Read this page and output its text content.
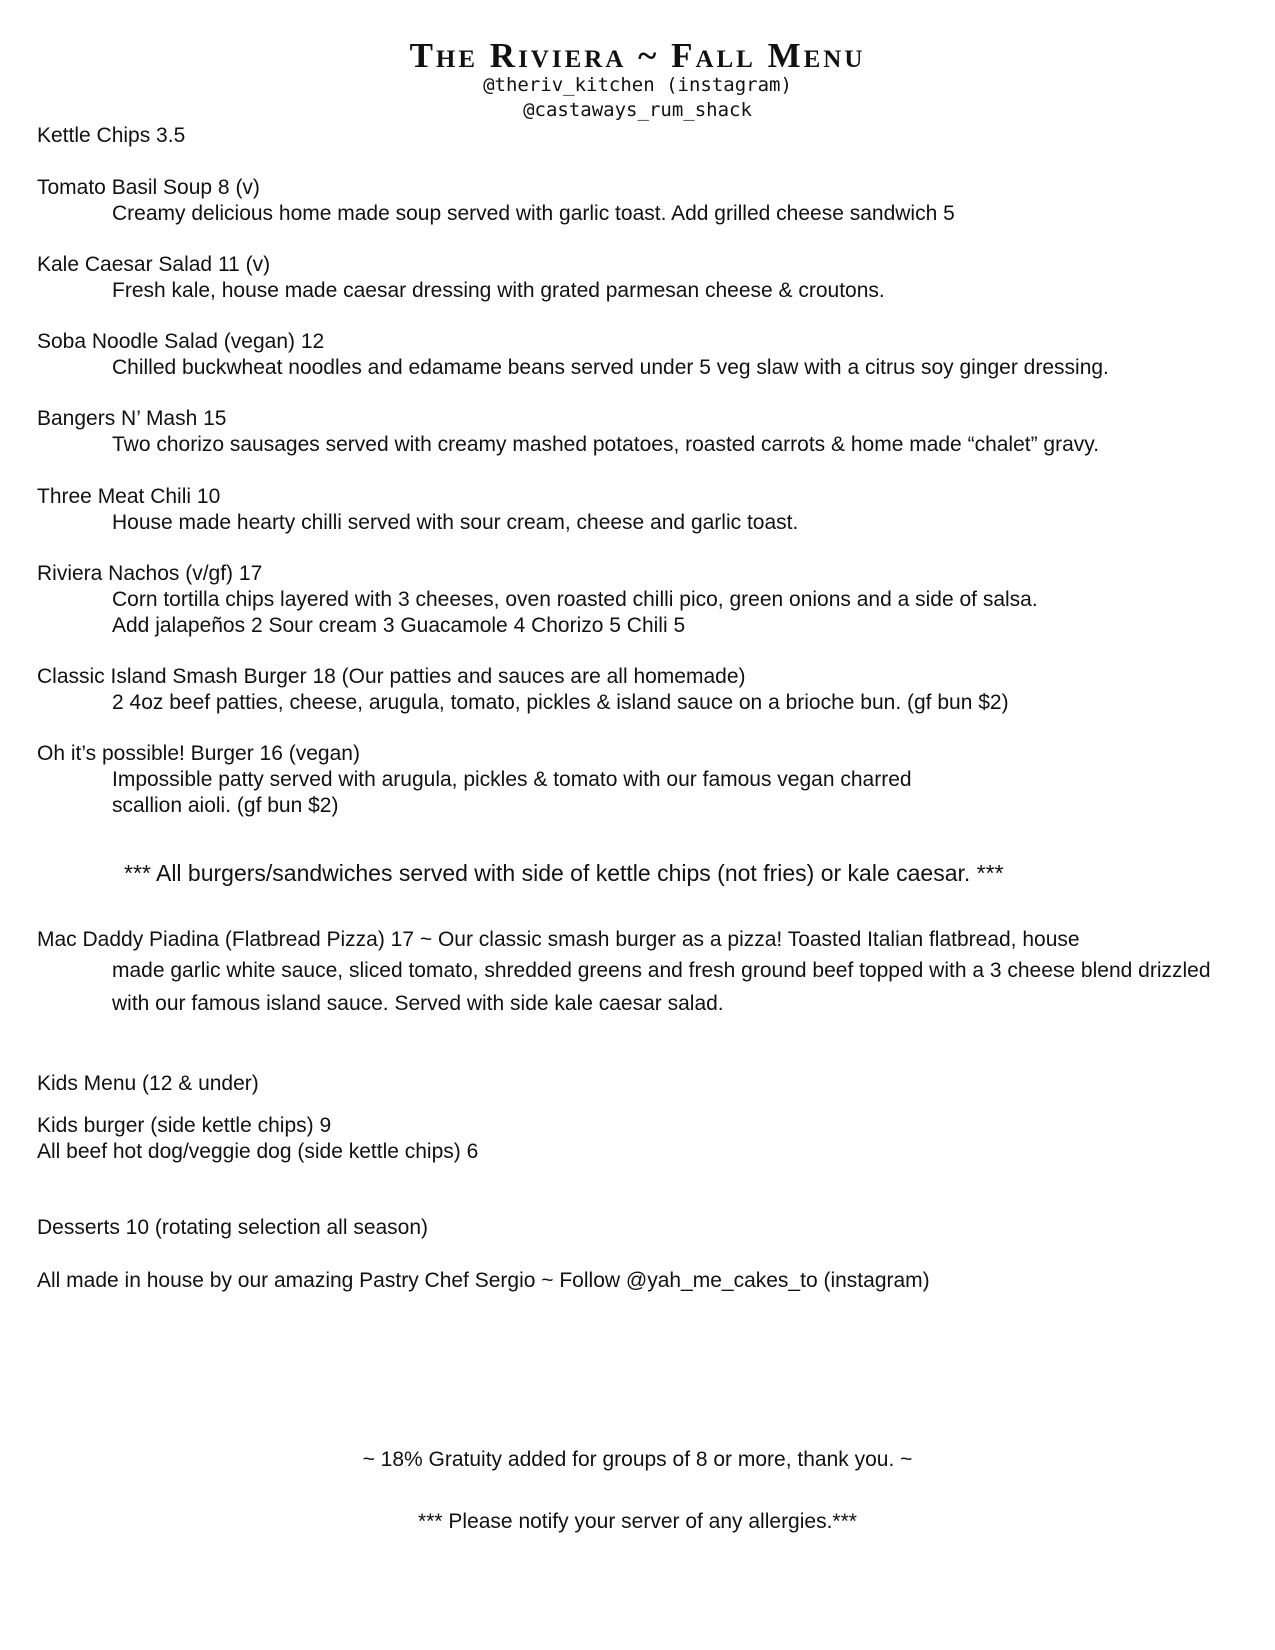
The Riviera ~ Fall Menu
@theriv_kitchen (instagram)
@castaways_rum_shack
Kettle Chips 3.5
Tomato Basil Soup 8 (v)
Creamy delicious home made soup served with garlic toast. Add grilled cheese sandwich 5
Kale Caesar Salad 11 (v)
Fresh kale, house made caesar dressing with grated parmesan cheese & croutons.
Soba Noodle Salad (vegan) 12
Chilled buckwheat noodles and edamame beans served under 5 veg slaw with a citrus soy ginger dressing.
Bangers N’ Mash 15
Two chorizo sausages served with creamy mashed potatoes, roasted carrots & home made “chalet” gravy.
Three Meat Chili 10
House made hearty chilli served with sour cream, cheese and garlic toast.
Riviera Nachos (v/gf) 17
Corn tortilla chips layered with 3 cheeses, oven roasted chilli pico, green onions and a side of salsa.
Add jalapeños 2 Sour cream 3 Guacamole 4 Chorizo 5 Chili 5
Classic Island Smash Burger 18 (Our patties and sauces are all homemade)
2 4oz beef patties, cheese, arugula, tomato, pickles & island sauce on a brioche bun. (gf bun $2)
Oh it’s possible! Burger 16 (vegan)
Impossible patty served with arugula, pickles & tomato with our famous vegan charred
scallion aioli. (gf bun $2)
*** All burgers/sandwiches served with side of kettle chips (not fries) or kale caesar. ***
Mac Daddy Piadina (Flatbread Pizza) 17 ~ Our classic smash burger as a pizza! Toasted Italian flatbread, house
made garlic white sauce, sliced tomato, shredded greens and fresh ground beef topped with a 3 cheese blend drizzled with our famous island sauce. Served with side kale caesar salad.
Kids Menu (12 & under)
Kids burger (side kettle chips) 9
All beef hot dog/veggie dog (side kettle chips) 6
Desserts 10 (rotating selection all season)
All made in house by our amazing Pastry Chef Sergio ~ Follow @yah_me_cakes_to (instagram)
~ 18% Gratuity added for groups of 8 or more, thank you. ~
*** Please notify your server of any allergies.***
